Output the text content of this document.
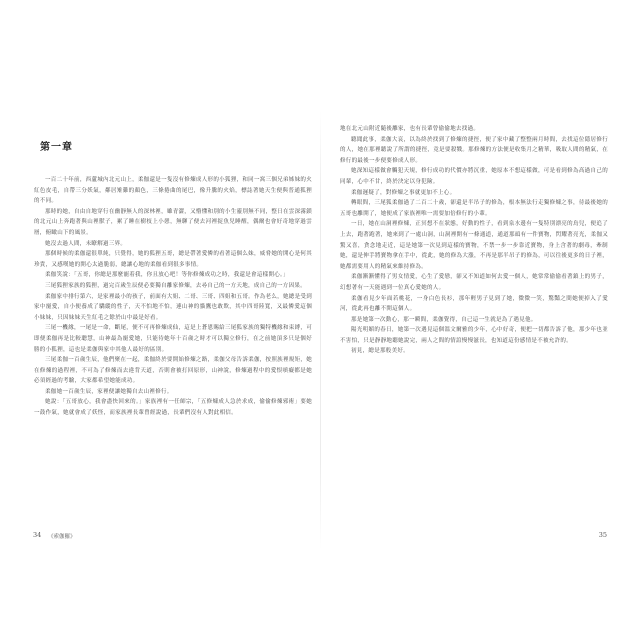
第一章

一百二十年前，西蘆城內北元山上，柔伽還是一隻沒有修煉成人形的小狐狸，和同一窩三個兄弟姊妹的火紅色皮毛，自帶三分妖氣，鄰居雉雞的顏色，三條捲曲的尾巴，像升騰的火焰，標誌著她天生便與普通狐狸的不同。

那時的她，自由自地穿行在幽靜無人的深林裡，雖青澀，又懵懂和別的小生靈別無不同，整日在雲深霧鎖的北元山上奔跑著與山裡獸子，累了睡在樹枝上小憩，無聊了便去河裡捉魚兒睡醒，偶爾也會好奇地穿過雲層，俯瞰山下的風景。

她沒去過人間，未瞭解過三界。

那個時候的柔伽還很單純，只覺得，她的狐狸五哥，總是帶著愛憐的看著這個么妹，威脅她的開心是何其珍貴，又感嘆她的開心太過脆弱，總讓心地的柔伽看到很多事情。

柔伽笑說：「五哥，你總是那麼寵着我，你且放心吧！等你修煉成功之時，我還是會這樣開心。」

三尾狐狸家族的狐狸，過完百歲生辰便必要獨自離家修煉，去尋自己的一方天地，成自己的一方因果。

柔伽家中排行第六，是家裡最小的孩子，前面有大姐、二哥、三哥、四姐和五哥。作為老么，她總是受到家中寵愛，自小便養成了驕縱的性子，天不怕地不怕，連山神的貓鷹也敢欺，其中四哥陸寬，又最憐愛這個小妹妹，只因妹妹天生紅毛之餘於山中最是好看。

三尾一機緣，一尾是一命，斷尾，便不可再修煉成仙，這是上蒼恩賜給三尾狐家族的獨特機緣和束縛，可即便柔伽再是比較聰慧，山神最為寵愛她，只能待她年十百歲之時才可以獨立修行，在之前她頂多只是個好勝的小狐狸，這也是柔伽與家中其他人最好的區別。

三尾柔伽一百歲生辰，他們聚在一起，柔伽終於要開始修煉之路，柔伽父母告訴柔伽，按照族裡規矩，她在修煉的過程裡，不可為了修煉而去違背天道，否則會被打回原形，山神說，修煉過程中的愛恨嗔癡都是她必須經過的考驗，大家都希望她能成功。

柔伽她一百歲生辰，家裡便讓她獨自去山裡修行。

她說：「五哥放心，我會盡快回來的。」家族裡有一任師宗，「五修煉成人急於求成，偷偷修煉邪術」要她一鼓作氣，她就會成了妖怪，而家族裡長輩曾經說過，長輩們沒有人對此相信。

地在北元山附近隨後離家，也有長輩曾偷偷地去找過。

聽聞此事，柔伽大哀，以為終於找到了修煉的捷徑，便了家中藏了整整兩月時間，去找這位隱居修行的人，她在那裡聽說了所謂的捷徑，竟是要殺戮。那修煉的方法便是收集月之精華，吸取人間的精氣，在修行的最後一步便要修成人形。

她深知這樣做會觸犯天規，修行成功的代價亦將沉重，她原本不想這樣做，可是看到修為高過自己的同輩，心中不甘，終於決定以身犯險。

柔伽遲疑了，對修煉之事就更加不上心。

轉眼間，三尾狐柔伽過了二百二十歲，卻還是半吊子的修為，根本無法行走獨修煉之事，待最後她的五哥也離開了，她便成了家族裡唯一需要加倍修行的小輩。

一日，她在山洞裡修煉，正冥想不在狀態，好動的性子，看到泉水邊有一隻特別漂亮的鳥兒，便追了上去，跑著跑著，她來到了一處山洞，山洞裡開有一條通道，通道那頭有一件寶物，閃耀著亮光，柔伽又驚又喜，貪念地走近，這是她第一次見到這樣的寶物，不禁一步一步靠近寶物，身上含著的劇毒，牽制她，還是伸手將寶物拿在手中，從此，她的修為大漲，不再是那半吊子的修為，可以往後更多的日子裡，她都需要用人的精氣來維持修為。

柔伽漸漸懂得了男女情愛，心生了愛戀，卻又不知道如何去愛一個人，她常常偷偷看著鎮上的男子，幻想著有一天能遇到一位真心愛她的人。

柔伽看見少年面若桃花，一身白色長衫，那年輕男子見到了她，微微一笑，驚豔之間她便掉入了愛河，從此再也離不開這個人。

那是她第一次動心，那一瞬間，柔伽覺得，自己這一生就是為了遇見他。

陽光明媚的春日，她第一次遇見這個溫文爾雅的少年，心中好奇，便把一切都告訴了他，那少年也並不害怕，只是靜靜地聽她說完，兩人之間的情誼慢慢滋長，也知道這份感情是不被允許的。

初見，總是那般美好。

34 《索伽羅》	35
